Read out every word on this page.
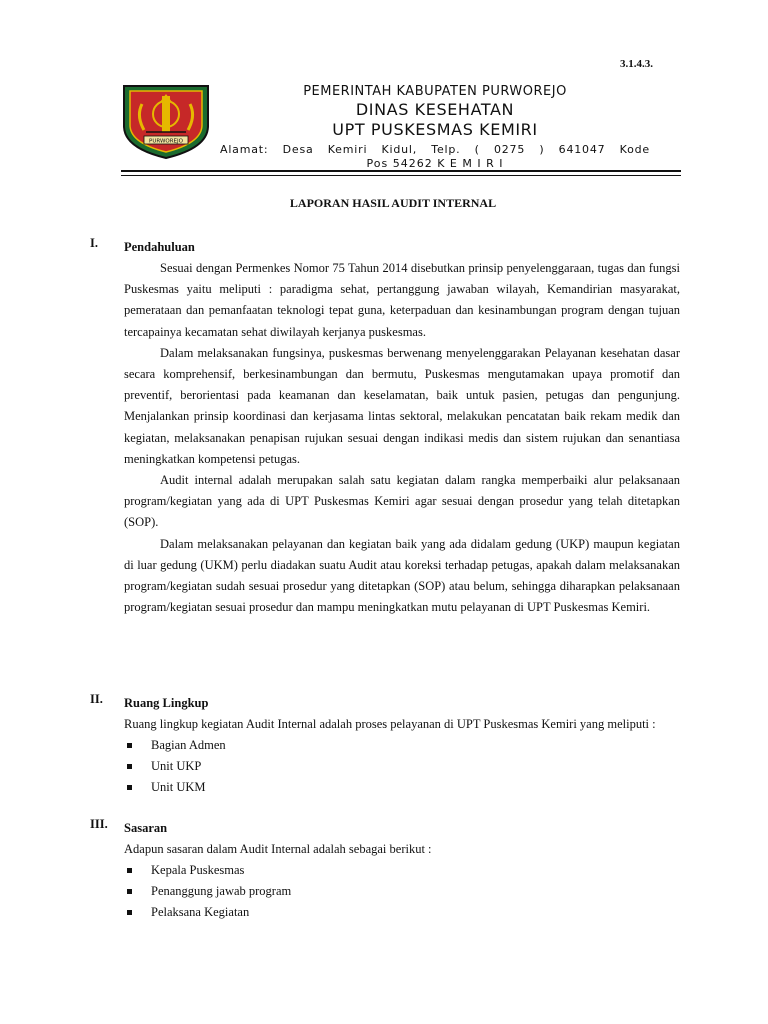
3.1.4.3.
PURWOREJO
PEMERINTAH KABUPATEN PURWOREJO
DINAS KESEHATAN
UPT PUSKESMAS KEMIRI
Alamat: Desa Kemiri Kidul, Telp. ( 0275 ) 641047 Kode
Pos 54262 K E M I R I
LAPORAN HASIL AUDIT INTERNAL
I. Pendahuluan

Sesuai dengan Permenkes Nomor 75 Tahun 2014 disebutkan prinsip penyelenggaraan, tugas dan fungsi Puskesmas yaitu meliputi : paradigma sehat, pertanggung jawaban wilayah, Kemandirian masyarakat, pemerataan dan pemanfaatan teknologi tepat guna, keterpaduan dan kesinambungan program dengan tujuan tercapainya kecamatan sehat diwilayah kerjanya puskesmas.

Dalam melaksanakan fungsinya, puskesmas berwenang menyelenggarakan Pelayanan kesehatan dasar secara komprehensif, berkesinambungan dan bermutu, Puskesmas mengutamakan upaya promotif dan preventif, berorientasi pada keamanan dan keselamatan, baik untuk pasien, petugas dan pengunjung. Menjalankan prinsip koordinasi dan kerjasama lintas sektoral, melakukan pencatatan baik rekam medik dan kegiatan, melaksanakan penapisan rujukan sesuai dengan indikasi medis dan sistem rujukan dan senantiasa meningkatkan kompetensi petugas.

Audit internal adalah merupakan salah satu kegiatan dalam rangka memperbaiki alur pelaksanaan program/kegiatan yang ada di UPT Puskesmas Kemiri agar sesuai dengan prosedur yang telah ditetapkan (SOP).

Dalam melaksanakan pelayanan dan kegiatan baik yang ada didalam gedung (UKP) maupun kegiatan di luar gedung (UKM) perlu diadakan suatu Audit atau koreksi terhadap petugas, apakah dalam melaksanakan program/kegiatan sudah sesuai prosedur yang ditetapkan (SOP) atau belum, sehingga diharapkan pelaksanaan program/kegiatan sesuai prosedur dan mampu meningkatkan mutu pelayanan di UPT Puskesmas Kemiri.

II. Ruang Lingkup

Ruang lingkup kegiatan Audit Internal adalah proses pelayanan di UPT Puskesmas Kemiri yang meliputi :

Bagian Admen
Unit UKP
Unit UKM
III. Sasaran

Adapun sasaran dalam Audit Internal adalah sebagai berikut :

Kepala Puskesmas
Penanggung jawab program
Pelaksana Kegiatan
